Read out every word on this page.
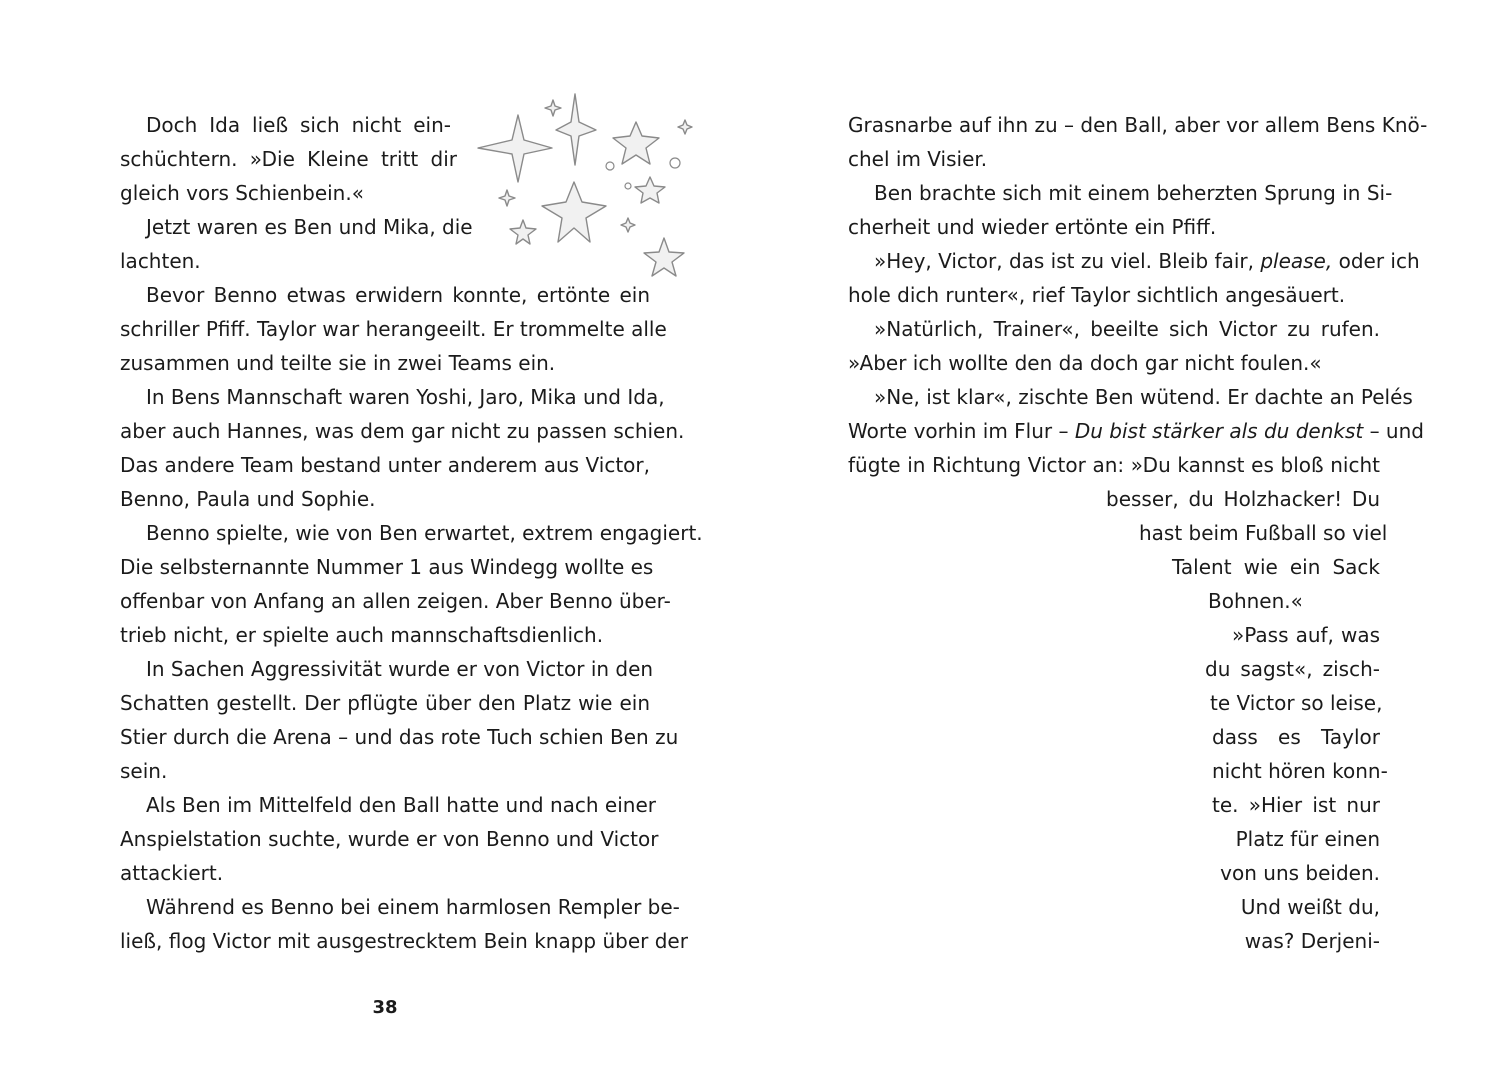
Doch Ida ließ sich nicht ein-

schüchtern. »Die Kleine tritt dir

gleich vors Schienbein.«

Jetzt waren es Ben und Mika, die

lachten.

Bevor Benno etwas erwidern konnte, ertönte ein

schriller Pfiff. Taylor war herangeeilt. Er trommelte alle

zusammen und teilte sie in zwei Teams ein.

In Bens Mannschaft waren Yoshi, Jaro, Mika und Ida,

aber auch Hannes, was dem gar nicht zu passen schien.

Das andere Team bestand unter anderem aus Victor,

Benno, Paula und Sophie.

Benno spielte, wie von Ben erwartet, extrem engagiert.

Die selbsternannte Nummer 1 aus Windegg wollte es

offenbar von Anfang an allen zeigen. Aber Benno über-

trieb nicht, er spielte auch mannschaftsdienlich.

In Sachen Aggressivität wurde er von Victor in den

Schatten gestellt. Der pflügte über den Platz wie ein

Stier durch die Arena – und das rote Tuch schien Ben zu

sein.

Als Ben im Mittelfeld den Ball hatte und nach einer

Anspielstation suchte, wurde er von Benno und Victor

attackiert.

Während es Benno bei einem harmlosen Rempler be-

ließ, flog Victor mit ausgestrecktem Bein knapp über der

38

Grasnarbe auf ihn zu – den Ball, aber vor allem Bens Knö-

chel im Visier.

Ben brachte sich mit einem beherzten Sprung in Si-

cherheit und wieder ertönte ein Pfiff.

»Hey, Victor, das ist zu viel. Bleib fair, please, oder ich

hole dich runter«, rief Taylor sichtlich angesäuert.

»Natürlich, Trainer«, beeilte sich Victor zu rufen.

»Aber ich wollte den da doch gar nicht foulen.«

»Ne, ist klar«, zischte Ben wütend. Er dachte an Pelés

Worte vorhin im Flur – Du bist stärker als du denkst – und

fügte in Richtung Victor an: »Du kannst es bloß nicht

besser, du Holzhacker! Du

hast beim Fußball so viel

Talent wie ein Sack

Bohnen.«

»Pass auf, was

du sagst«, zisch-

te Victor so leise,

dass es Taylor

nicht hören konn-

te. »Hier ist nur

Platz für einen

von uns beiden.

Und weißt du,

was? Derjeni-
